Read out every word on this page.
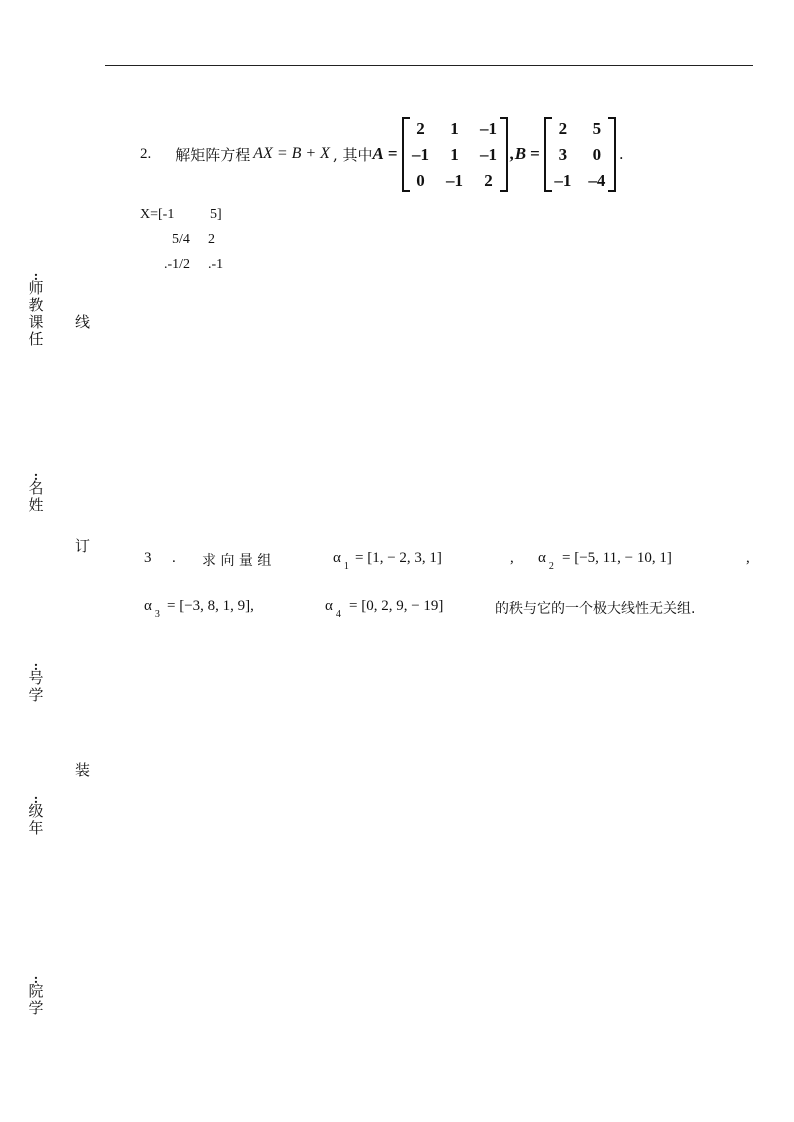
:
师
教
课
任
:
名
姓
:
号
学
:
级
年
:
院
学
线
订
装
2. 解矩阵方程 AX = B + X , 其中 A =
2	1	–1
–1	1	–1
0	–1	2
, B =
2	5
3	0
–1 –4
.
X=[-1	5]
5/4 2
.-1/2 .-1
3 . 求 向 量 组	$\alpha_1$
= [1, − 2, 3, 1]	, $\alpha_2$
= [−5, 11, − 10, 1]	,
$\alpha_3$
= [−3, 8, 1, 9],	$\alpha_4$
= [0, 2, 9, − 19]	的秩与它的一个极大线性无关组.
